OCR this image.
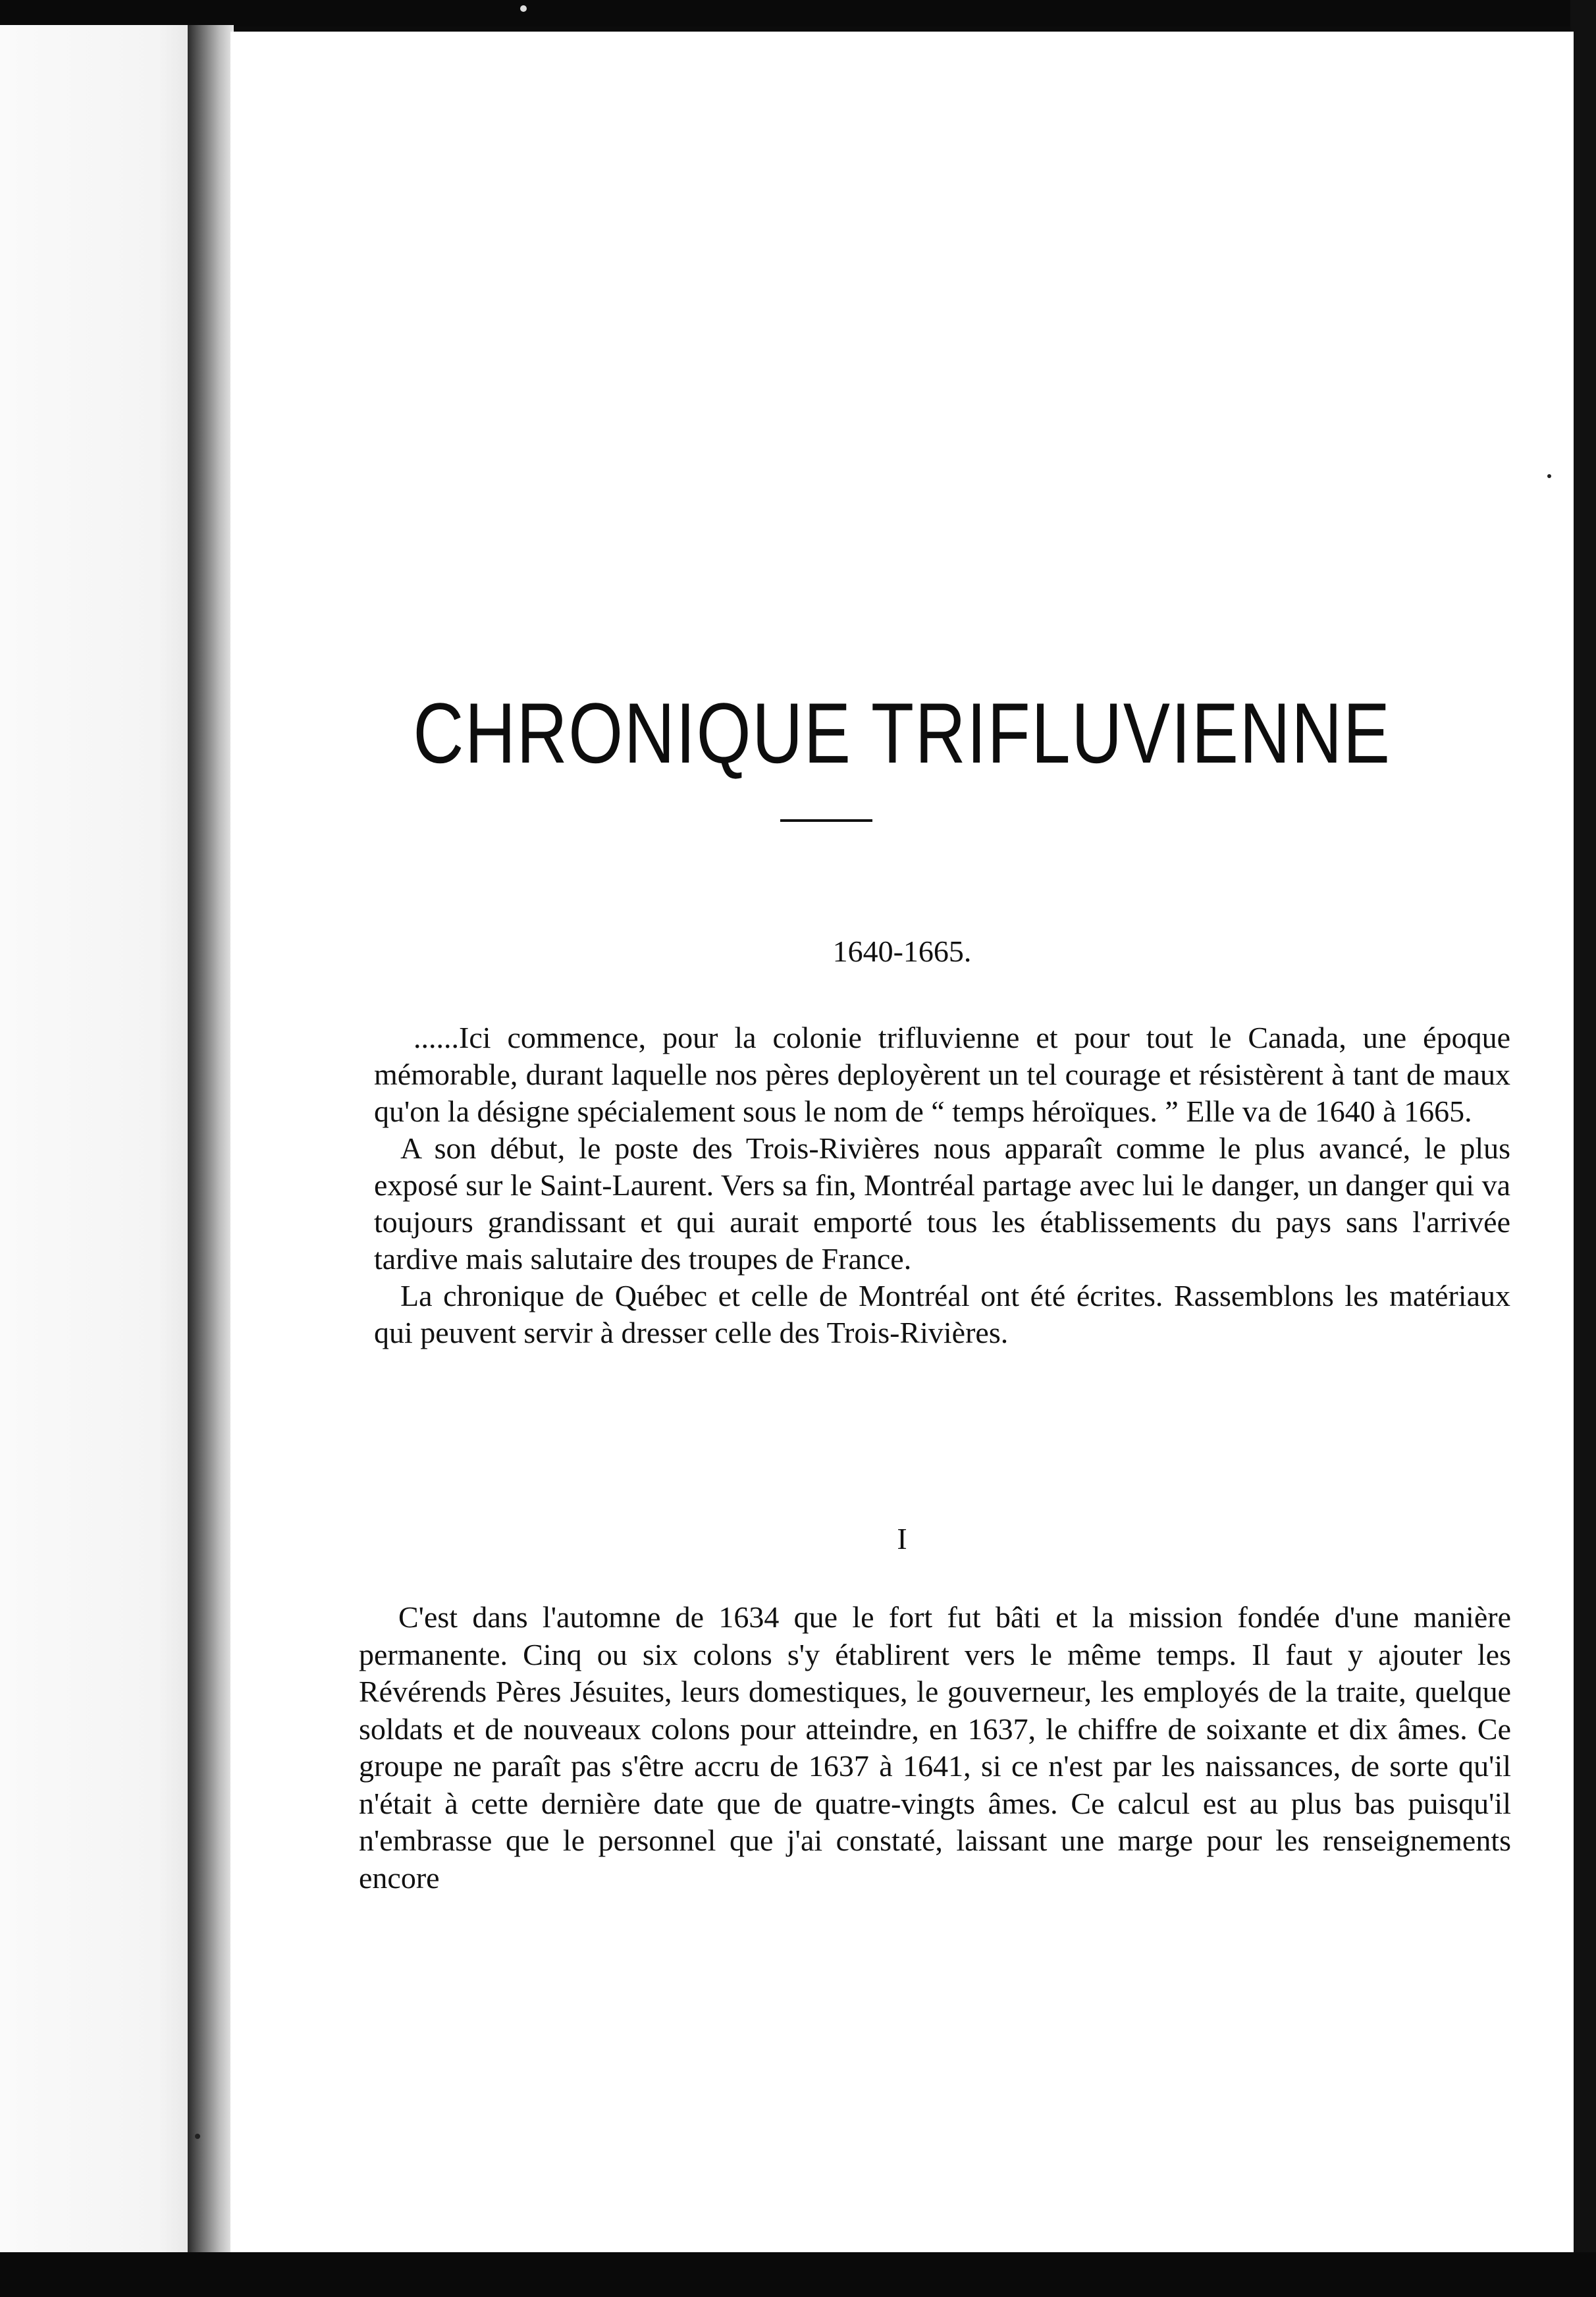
CHRONIQUE TRIFLUVIENNE

1640-1665.

......Ici commence, pour la colonie trifluvienne et pour tout le Canada, une époque mémorable, durant laquelle nos pères deployèrent un tel courage et résistèrent à tant de maux qu'on la désigne spécialement sous le nom de “ temps héroïques. ” Elle va de 1640 à 1665.

A son début, le poste des Trois-Rivières nous apparaît comme le plus avancé, le plus exposé sur le Saint-Laurent. Vers sa fin, Montréal partage avec lui le danger, un danger qui va toujours grandissant et qui aurait emporté tous les établissements du pays sans l'arrivée tardive mais salutaire des troupes de France.

La chronique de Québec et celle de Montréal ont été écrites. Rassemblons les matériaux qui peuvent servir à dresser celle des Trois-Rivières.

I

C'est dans l'automne de 1634 que le fort fut bâti et la mission fondée d'une manière permanente. Cinq ou six colons s'y établirent vers le même temps. Il faut y ajouter les Révérends Pères Jésuites, leurs domestiques, le gouverneur, les employés de la traite, quelque soldats et de nouveaux colons pour atteindre, en 1637, le chiffre de soixante et dix âmes. Ce groupe ne paraît pas s'être accru de 1637 à 1641, si ce n'est par les naissances, de sorte qu'il n'était à cette dernière date que de quatre-vingts âmes. Ce calcul est au plus bas puisqu'il n'embrasse que le personnel que j'ai constaté, laissant une marge pour les renseignements encore
